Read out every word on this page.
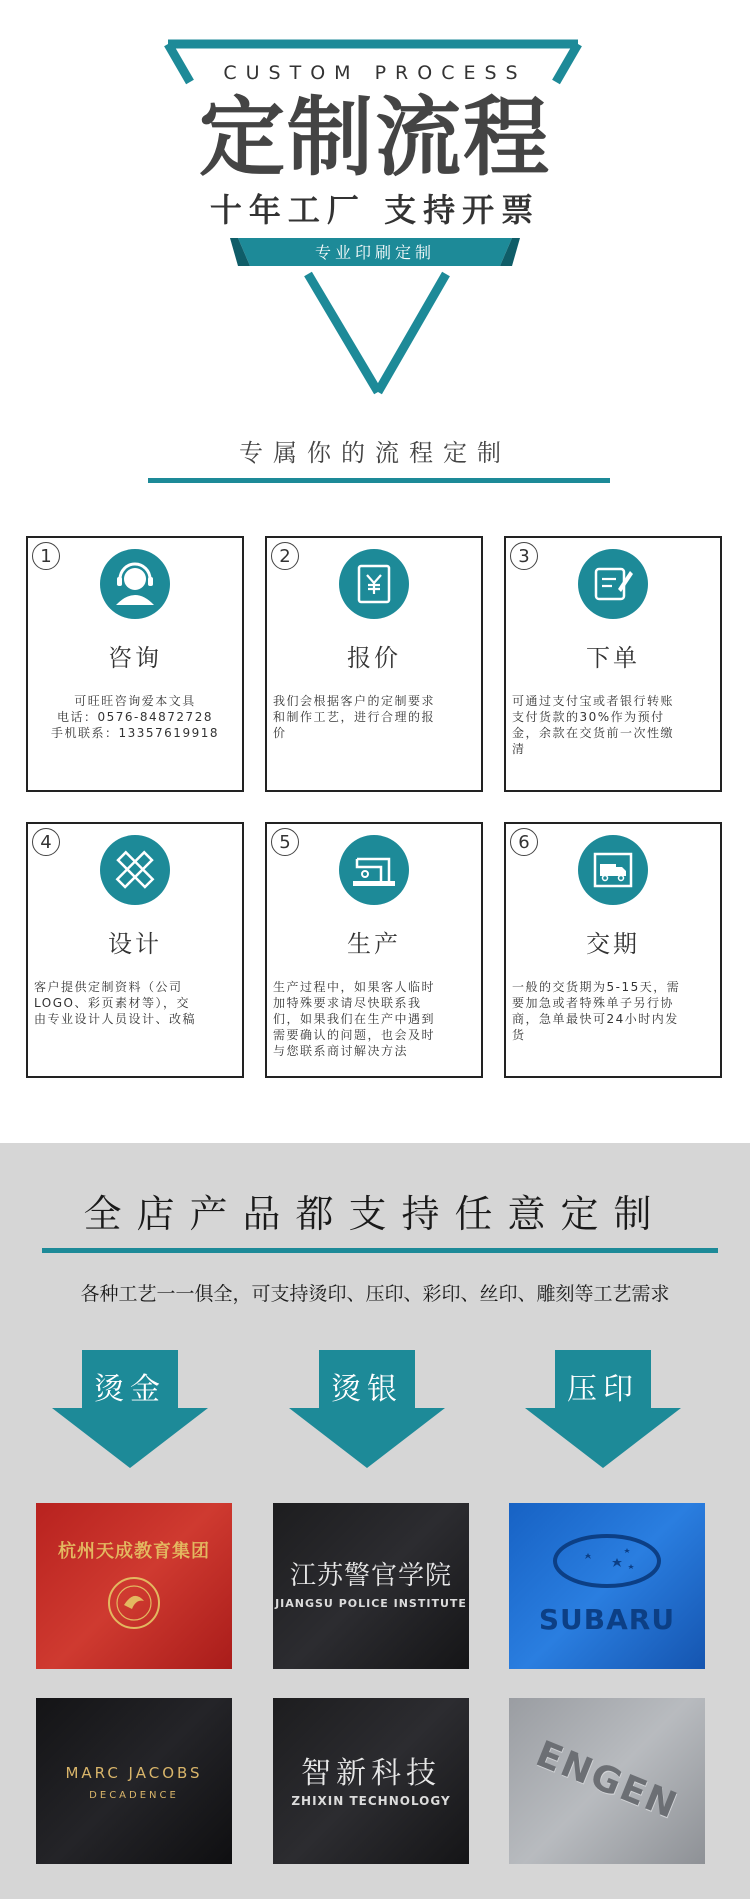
CUSTOM PROCESS
定制流程
十年工厂 支持开票
专业印刷定制
专属你的流程定制
1
咨询
可旺旺咨询爱本文具
电话：0576-84872728
手机联系：13357619918
2
报价
我们会根据客户的定制要求
和制作工艺，进行合理的报
价
3
下单
可通过支付宝或者银行转账
支付货款的30%作为预付
金，余款在交货前一次性缴
清
4
设计
客户提供定制资料（公司
LOGO、彩页素材等），交
由专业设计人员设计、改稿
5
生产
生产过程中，如果客人临时
加特殊要求请尽快联系我
们，如果我们在生产中遇到
需要确认的问题，也会及时
与您联系商讨解决方法
6
交期
一般的交货期为5-15天，需
要加急或者特殊单子另行协
商，急单最快可24小时内发
货
全店产品都支持任意定制
各种工艺一一俱全，可支持烫印、压印、彩印、丝印、雕刻等工艺需求
烫金	烫银	压印
杭州天成教育集团
江苏警官学院
JIANGSU POLICE INSTITUTE	SUBARU
MARC JACOBS
DECADENCE
智新科技
ZHIXIN TECHNOLOGY	ENGEN
